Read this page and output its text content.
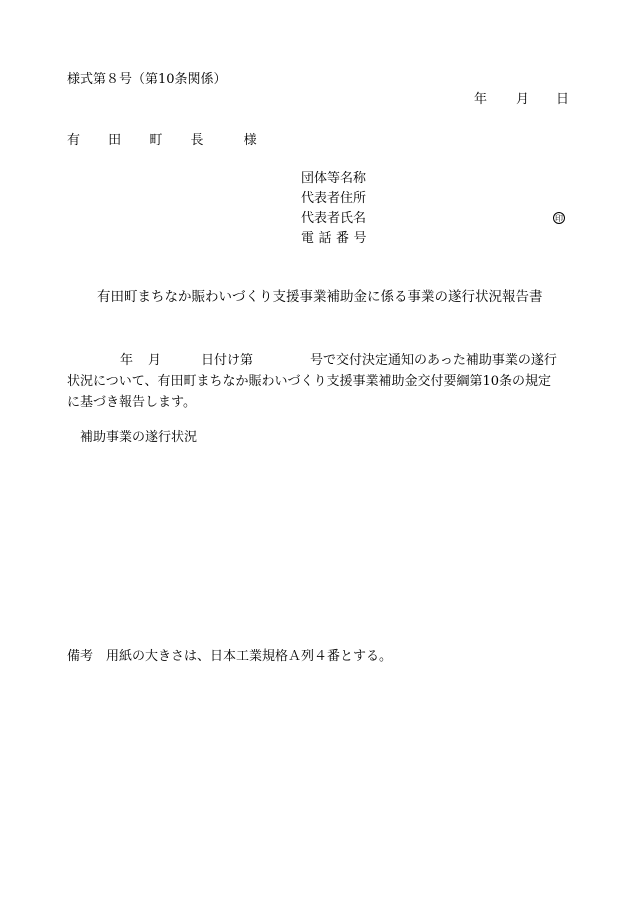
様式第８号（第10条関係）
年 月 日
有 田 町 長	様
団体等名称
代表者住所
代表者氏名	印
電話番号
有田町まちなか賑わいづくり支援事業補助金に係る事業の遂行状況報告書
年 月	日付け第	号で交付決定通知のあった補助事業の遂行
状況について、有田町まちなか賑わいづくり支援事業補助金交付要綱第10条の規定
に基づき報告します。
補助事業の遂行状況
備考 用紙の大きさは、日本工業規格Ａ列４番とする。
